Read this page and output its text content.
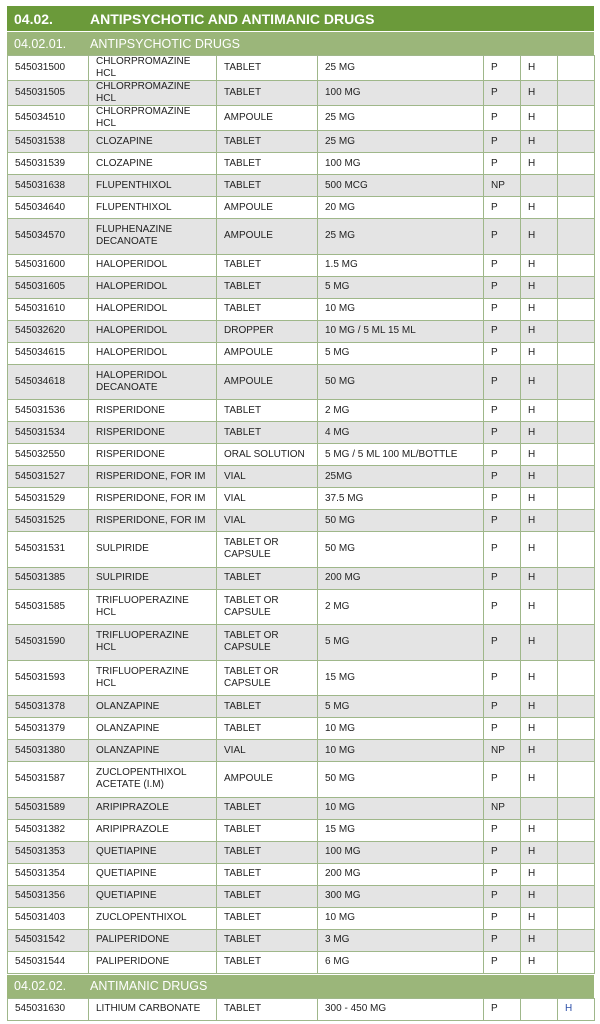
04.02.	ANTIPSYCHOTIC AND ANTIMANIC DRUGS
04.02.01.	ANTIPSYCHOTIC DRUGS
545031500	CHLORPROMAZINE HCL	TABLET	25 MG	P	H	
545031505	CHLORPROMAZINE HCL	TABLET	100 MG	P	H	
545034510	CHLORPROMAZINE HCL	AMPOULE	25 MG	P	H	
545031538	CLOZAPINE	TABLET	25 MG	P	H	
545031539	CLOZAPINE	TABLET	100 MG	P	H	
545031638	FLUPENTHIXOL	TABLET	500 MCG	NP		
545034640	FLUPENTHIXOL	AMPOULE	20 MG	P	H	
545034570	FLUPHENAZINE DECANOATE	AMPOULE	25 MG	P	H	
545031600	HALOPERIDOL	TABLET	1.5 MG	P	H	
545031605	HALOPERIDOL	TABLET	5 MG	P	H	
545031610	HALOPERIDOL	TABLET	10 MG	P	H	
545032620	HALOPERIDOL	DROPPER	10 MG / 5 ML 15 ML	P	H	
545034615	HALOPERIDOL	AMPOULE	5 MG	P	H	
545034618	HALOPERIDOL DECANOATE	AMPOULE	50 MG	P	H	
545031536	RISPERIDONE	TABLET	2 MG	P	H	
545031534	RISPERIDONE	TABLET	4 MG	P	H	
545032550	RISPERIDONE	ORAL SOLUTION	5 MG / 5 ML 100 ML/BOTTLE	P	H	
545031527	RISPERIDONE, FOR IM	VIAL	25MG	P	H	
545031529	RISPERIDONE, FOR IM	VIAL	37.5 MG	P	H	
545031525	RISPERIDONE, FOR IM	VIAL	50 MG	P	H	
545031531	SULPIRIDE	TABLET OR CAPSULE	50 MG	P	H	
545031385	SULPIRIDE	TABLET	200 MG	P	H	
545031585	TRIFLUOPERAZINE HCL	TABLET OR CAPSULE	2 MG	P	H	
545031590	TRIFLUOPERAZINE HCL	TABLET OR CAPSULE	5 MG	P	H	
545031593	TRIFLUOPERAZINE HCL	TABLET OR CAPSULE	15 MG	P	H	
545031378	OLANZAPINE	TABLET	5 MG	P	H	
545031379	OLANZAPINE	TABLET	10 MG	P	H	
545031380	OLANZAPINE	VIAL	10 MG	NP	H	
545031587	ZUCLOPENTHIXOL ACETATE (I.M)	AMPOULE	50 MG	P	H	
545031589	ARIPIPRAZOLE	TABLET	10 MG	NP		
545031382	ARIPIPRAZOLE	TABLET	15 MG	P	H	
545031353	QUETIAPINE	TABLET	100 MG	P	H	
545031354	QUETIAPINE	TABLET	200 MG	P	H	
545031356	QUETIAPINE	TABLET	300 MG	P	H	
545031403	ZUCLOPENTHIXOL	TABLET	10 MG	P	H	
545031542	PALIPERIDONE	TABLET	3 MG	P	H	
545031544	PALIPERIDONE	TABLET	6 MG	P	H	
04.02.02.	ANTIMANIC DRUGS
545031630	LITHIUM CARBONATE	TABLET	300 - 450 MG	P		H
